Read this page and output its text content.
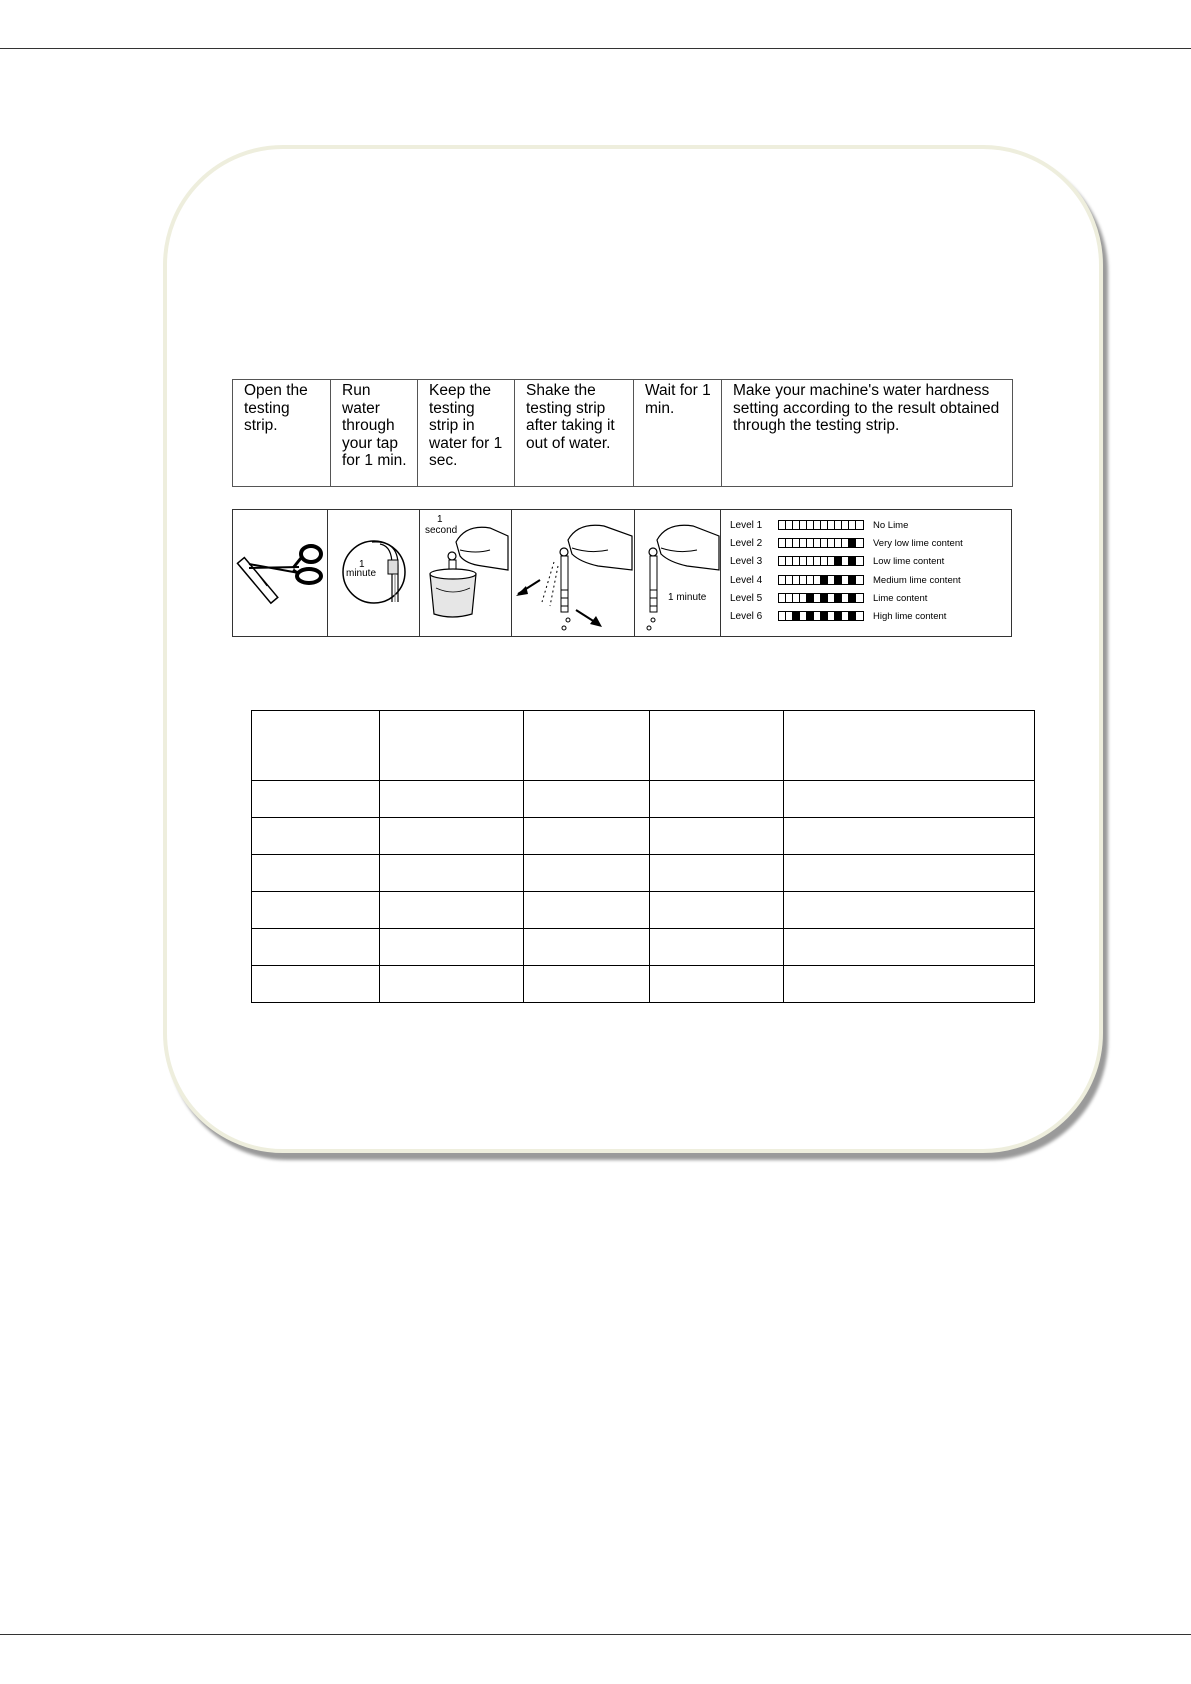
Open the testing strip.	Run water through your tap for 1 min.	Keep the testing strip in water for 1 sec.	Shake the testing strip after taking it out of water.	Wait for 1 min.	Make your machine's water hardness setting according to the result obtained through the testing strip.
1
minute
1
second
1 minute
Level 1	No Lime
Level 2	Very low lime content
Level 3	Low lime content
Level 4	Medium lime content
Level 5	Lime content
Level 6	High lime content
